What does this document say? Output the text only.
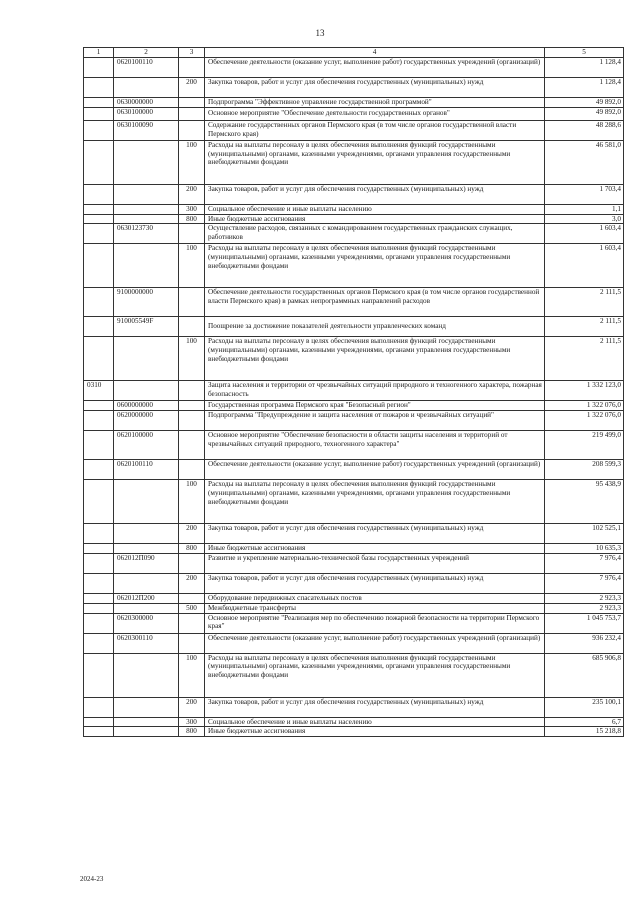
13
1	2	3	4	5
	0620100110		Обеспечение деятельности (оказание услуг, выполнение работ) государственных учреждений (организаций)	1 128,4
		200	Закупка товаров, работ и услуг для обеспечения государственных (муниципальных) нужд	1 128,4
	0630000000		Подпрограмма "Эффективное управление государственной программой"	49 892,0
	0630100000		Основное мероприятие "Обеспечение деятельности государственных органов"	49 892,0
	0630100090		Содержание государственных органов Пермского края (в том числе органов государственной власти Пермского края)	48 288,6
		100	Расходы на выплаты персоналу в целях обеспечения выполнения функций государственными (муниципальными) органами, казенными учреждениями, органами управления государственными внебюджетными фондами	46 581,0
		200	Закупка товаров, работ и услуг для обеспечения государственных (муниципальных) нужд	1 703,4
		300	Социальное обеспечение и иные выплаты населению	1,1
		800	Иные бюджетные ассигнования	3,0
	0630123730		Осуществление расходов, связанных с командированием государственных гражданских служащих, работников	1 603,4
		100	Расходы на выплаты персоналу в целях обеспечения выполнения функций государственными (муниципальными) органами, казенными учреждениями, органами управления государственными внебюджетными фондами	1 603,4
	9100000000		Обеспечение деятельности государственных органов Пермского края (в том числе органов государственной власти Пермского края) в рамках непрограммных направлений расходов	2 111,5
	910005549F		Поощрение за достижение показателей деятельности управленческих команд	2 111,5
		100	Расходы на выплаты персоналу в целях обеспечения выполнения функций государственными (муниципальными) органами, казенными учреждениями, органами управления государственными внебюджетными фондами	2 111,5
0310			Защита населения и территории от чрезвычайных ситуаций природного и техногенного характера, пожарная безопасность	1 332 123,0
	0600000000		Государственная программа Пермского края "Безопасный регион"	1 322 076,0
	0620000000		Подпрограмма "Предупреждение и защита населения от пожаров и чрезвычайных ситуаций"	1 322 076,0
	0620100000		Основное мероприятие "Обеспечение безопасности в области защиты населения и территорий от чрезвычайных ситуаций природного, техногенного характера"	219 499,0
	0620100110		Обеспечение деятельности (оказание услуг, выполнение работ) государственных учреждений (организаций)	208 599,3
		100	Расходы на выплаты персоналу в целях обеспечения выполнения функций государственными (муниципальными) органами, казенными учреждениями, органами управления государственными внебюджетными фондами	95 438,9
		200	Закупка товаров, работ и услуг для обеспечения государственных (муниципальных) нужд	102 525,1
		800	Иные бюджетные ассигнования	10 635,3
	062012П090		Развитие и укрепление материально-технической базы государственных учреждений	7 976,4
		200	Закупка товаров, работ и услуг для обеспечения государственных (муниципальных) нужд	7 976,4
	062012П200		Оборудование передвижных спасательных постов	2 923,3
		500	Межбюджетные трансферты	2 923,3
	0620300000		Основное мероприятие "Реализация мер по обеспечению пожарной безопасности на территории Пермского края"	1 045 753,7
	0620300110		Обеспечение деятельности (оказание услуг, выполнение работ) государственных учреждений (организаций)	936 232,4
		100	Расходы на выплаты персоналу в целях обеспечения выполнения функций государственными (муниципальными) органами, казенными учреждениями, органами управления государственными внебюджетными фондами	685 906,8
		200	Закупка товаров, работ и услуг для обеспечения государственных (муниципальных) нужд	235 100,1
		300	Социальное обеспечение и иные выплаты населению	6,7
		800	Иные бюджетные ассигнования	15 218,8
2024-23
